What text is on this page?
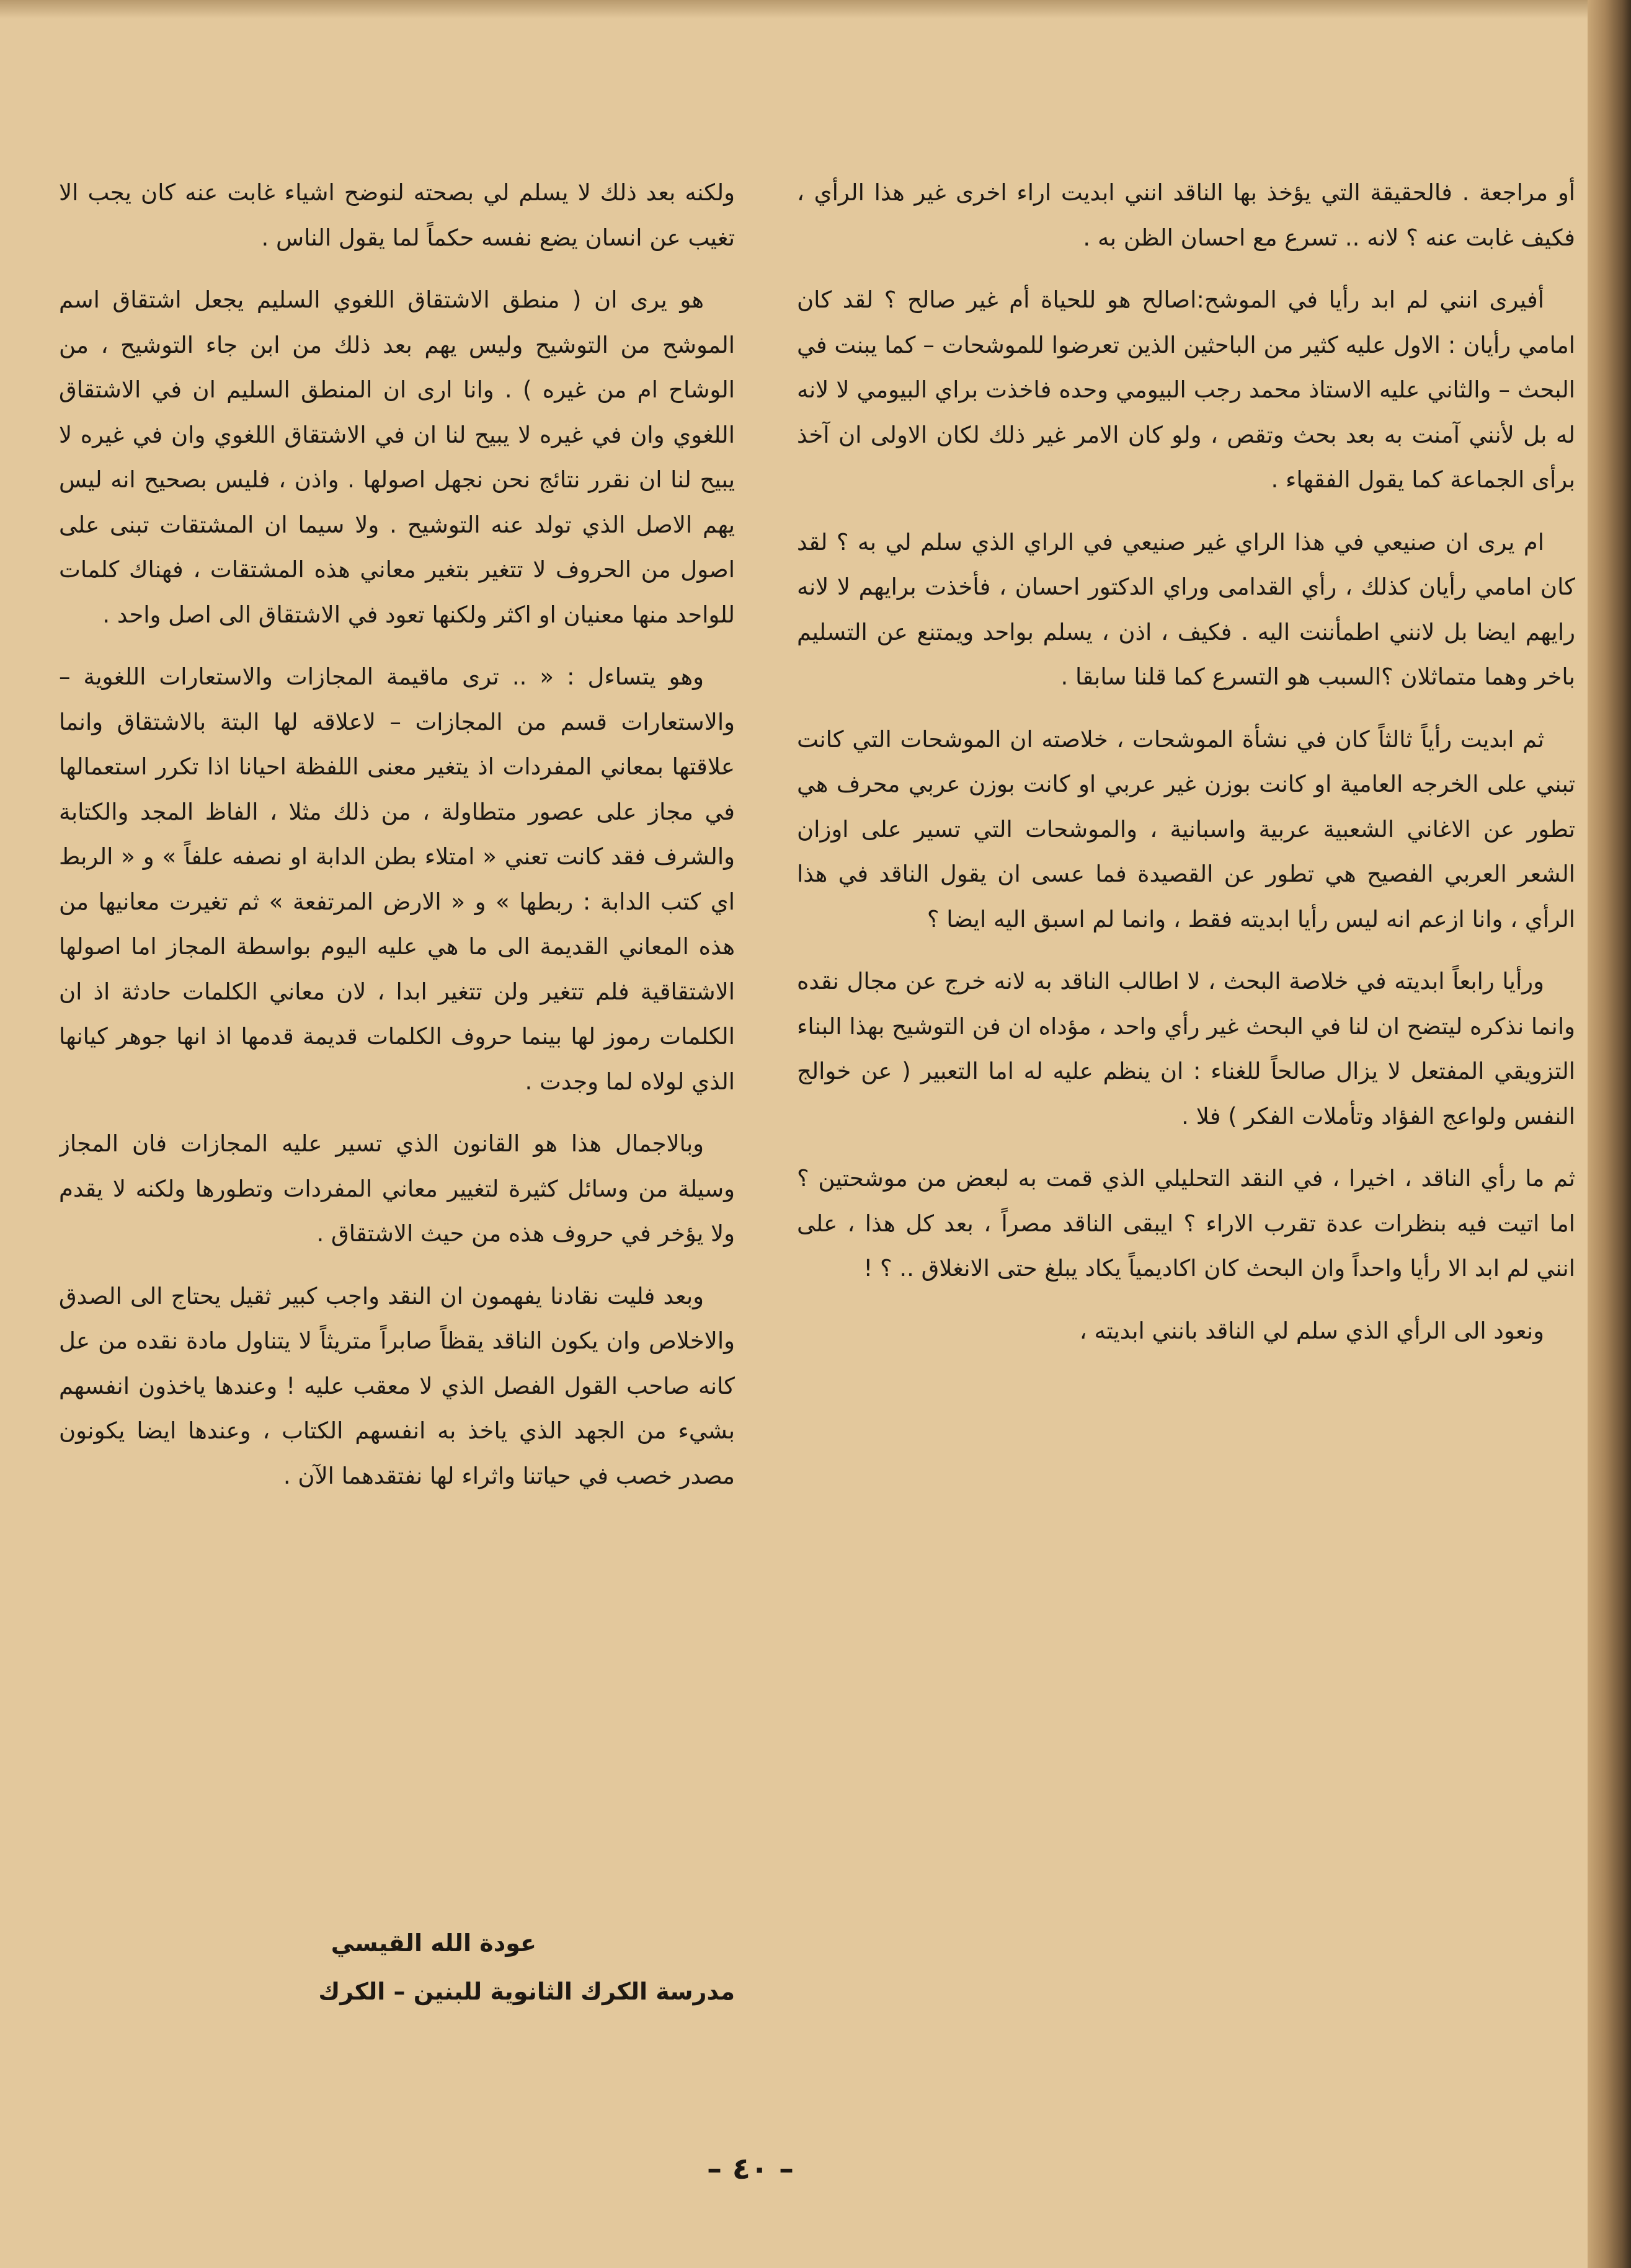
أو مراجعة . فالحقيقة التي يؤخذ بها الناقد انني ابديت اراء اخرى غير هذا الرأي ، فكيف غابت عنه ؟ لانه .. تسرع مع احسان الظن به .

أفيرى انني لم ابد رأيا في الموشح:اصالح هو للحياة أم غير صالح ؟ لقد كان امامي رأيان : الاول عليه كثير من الباحثين الذين تعرضوا للموشحات – كما يبنت في البحث – والثاني عليه الاستاذ محمد رجب البيومي وحده فاخذت براي البيومي لا لانه له بل لأنني آمنت به بعد بحث وتقص ، ولو كان الامر غير ذلك لكان الاولى ان آخذ برأى الجماعة كما يقول الفقهاء .

ام يرى ان صنيعي في هذا الراي غير صنيعي في الراي الذي سلم لي به ؟ لقد كان امامي رأيان كذلك ، رأي القدامى وراي الدكتور احسان ، فأخذت برايهم لا لانه رايهم ايضا بل لانني اطمأننت اليه . فكيف ، اذن ، يسلم بواحد ويمتنع عن التسليم باخر وهما متماثلان ؟السبب هو التسرع كما قلنا سابقا .

ثم ابديت رأياً ثالثاً كان في نشأة الموشحات ، خلاصته ان الموشحات التي كانت تبني على الخرجه العامية او كانت بوزن غير عربي او كانت بوزن عربي محرف هي تطور عن الاغاني الشعبية عربية واسبانية ، والموشحات التي تسير على اوزان الشعر العربي الفصيح هي تطور عن القصيدة فما عسى ان يقول الناقد في هذا الرأي ، وانا ازعم انه ليس رأيا ابديته فقط ، وانما لم اسبق اليه ايضا ؟

ورأيا رابعاً ابديته في خلاصة البحث ، لا اطالب الناقد به لانه خرج عن مجال نقده وانما نذكره ليتضح ان لنا في البحث غير رأي واحد ، مؤداه ان فن التوشيح بهذا البناء التزويقي المفتعل لا يزال صالحاً للغناء : ان ينظم عليه له اما التعبير ( عن خوالج النفس ولواعج الفؤاد وتأملات الفكر ) فلا .

ثم ما رأي الناقد ، اخيرا ، في النقد التحليلي الذي قمت به لبعض من موشحتين ؟ اما اتيت فيه بنظرات عدة تقرب الاراء ؟ ايبقى الناقد مصراً ، بعد كل هذا ، على انني لم ابد الا رأيا واحداً وان البحث كان اكاديمياً يكاد يبلغ حتى الانغلاق .. ؟ !

ونعود الى الرأي الذي سلم لي الناقد بانني ابديته ،

ولكنه بعد ذلك لا يسلم لي بصحته لنوضح اشياء غابت عنه كان يجب الا تغيب عن انسان يضع نفسه حكماً لما يقول الناس .

هو يرى ان ( منطق الاشتقاق اللغوي السليم يجعل اشتقاق اسم الموشح من التوشيح وليس يهم بعد ذلك من ابن جاء التوشيح ، من الوشاح ام من غيره ) . وانا ارى ان المنطق السليم ان في الاشتقاق اللغوي وان في غيره لا يبيح لنا ان في الاشتقاق اللغوي وان في غيره لا يبيح لنا ان نقرر نتائج نحن نجهل اصولها . واذن ، فليس بصحيح انه ليس يهم الاصل الذي تولد عنه التوشيح . ولا سيما ان المشتقات تبنى على اصول من الحروف لا تتغير بتغير معاني هذه المشتقات ، فهناك كلمات للواحد منها معنيان او اكثر ولكنها تعود في الاشتقاق الى اصل واحد .

وهو يتساءل : « .. ترى ماقيمة المجازات والاستعارات اللغوية – والاستعارات قسم من المجازات – لاعلاقه لها البتة بالاشتقاق وانما علاقتها بمعاني المفردات اذ يتغير معنى اللفظة احيانا اذا تكرر استعمالها في مجاز على عصور متطاولة ، من ذلك مثلا ، الفاظ المجد والكتابة والشرف فقد كانت تعني « امتلاء بطن الدابة او نصفه علفاً » و « الربط اي كتب الدابة : ربطها » و « الارض المرتفعة » ثم تغيرت معانيها من هذه المعاني القديمة الى ما هي عليه اليوم بواسطة المجاز اما اصولها الاشتقاقية فلم تتغير ولن تتغير ابدا ، لان معاني الكلمات حادثة اذ ان الكلمات رموز لها بينما حروف الكلمات قديمة قدمها اذ انها جوهر كيانها الذي لولاه لما وجدت .

وبالاجمال هذا هو القانون الذي تسير عليه المجازات فان المجاز وسيلة من وسائل كثيرة لتغيير معاني المفردات وتطورها ولكنه لا يقدم ولا يؤخر في حروف هذه من حيث الاشتقاق .

وبعد فليت نقادنا يفهمون ان النقد واجب كبير ثقيل يحتاج الى الصدق والاخلاص وان يكون الناقد يقظاً صابراً متريثاً لا يتناول مادة نقده من عل كانه صاحب القول الفصل الذي لا معقب عليه ! وعندها ياخذون انفسهم بشيء من الجهد الذي ياخذ به انفسهم الكتاب ، وعندها ايضا يكونون مصدر خصب في حياتنا واثراء لها نفتقدهما الآن .

عودة الله القيسي
مدرسة الكرك الثانوية للبنين – الكرك
– ٤٠ –
